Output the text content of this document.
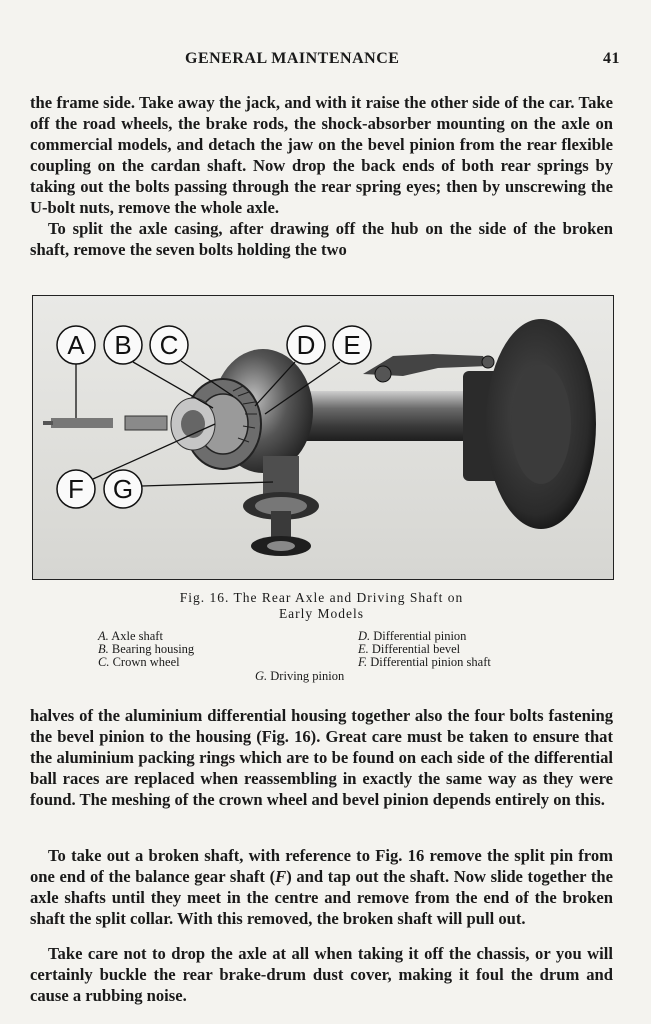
GENERAL MAINTENANCE	41
the frame side. Take away the jack, and with it raise the other side of the car. Take off the road wheels, the brake rods, the shock-absorber mounting on the axle on commercial models, and detach the jaw on the bevel pinion from the rear flexible coupling on the cardan shaft. Now drop the back ends of both rear springs by taking out the bolts passing through the rear spring eyes; then by unscrewing the U-bolt nuts, remove the whole axle.
To split the axle casing, after drawing off the hub on the side of the broken shaft, remove the seven bolts holding the two
A B C	D E
F G
Fig. 16. The Rear Axle and Driving Shaft on
Early Models
A. Axle shaft
B. Bearing housing
C. Crown wheel
D. Differential pinion
E. Differential bevel
F. Differential pinion shaft
G. Driving pinion
halves of the aluminium differential housing together also the four bolts fastening the bevel pinion to the housing (Fig. 16). Great care must be taken to ensure that the aluminium packing rings which are to be found on each side of the differential ball races are replaced when reassembling in exactly the same way as they were found. The meshing of the crown wheel and bevel pinion depends entirely on this.
To take out a broken shaft, with reference to Fig. 16 remove the split pin from one end of the balance gear shaft (F) and tap out the shaft. Now slide together the axle shafts until they meet in the centre and remove from the end of the broken shaft the split collar. With this removed, the broken shaft will pull out.
Take care not to drop the axle at all when taking it off the chassis, or you will certainly buckle the rear brake-drum dust cover, making it foul the drum and cause a rubbing noise.
